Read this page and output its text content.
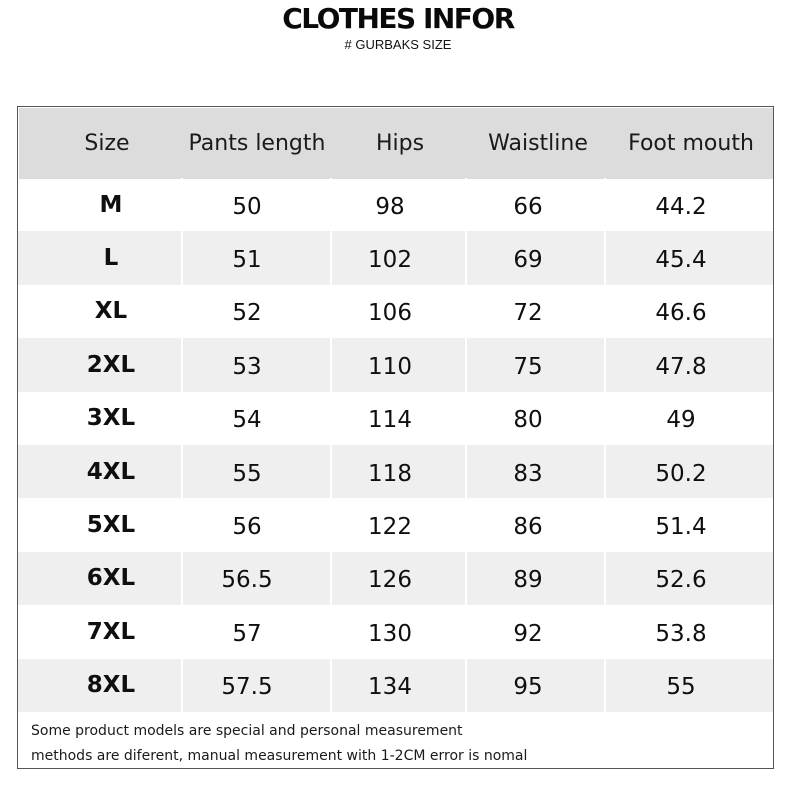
CLOTHES INFOR
# GURBAKS SIZE
Size	Pants length	Hips	Waistline	Foot mouth
M	50	98	66	44.2
L	51	102	69	45.4
XL	52	106	72	46.6
2XL	53	110	75	47.8
3XL	54	114	80	49
4XL	55	118	83	50.2
5XL	56	122	86	51.4
6XL	56.5	126	89	52.6
7XL	57	130	92	53.8
8XL	57.5	134	95	55
Some product models are special and personal measurement
methods are diferent, manual measurement with 1-2CM error is nomal
